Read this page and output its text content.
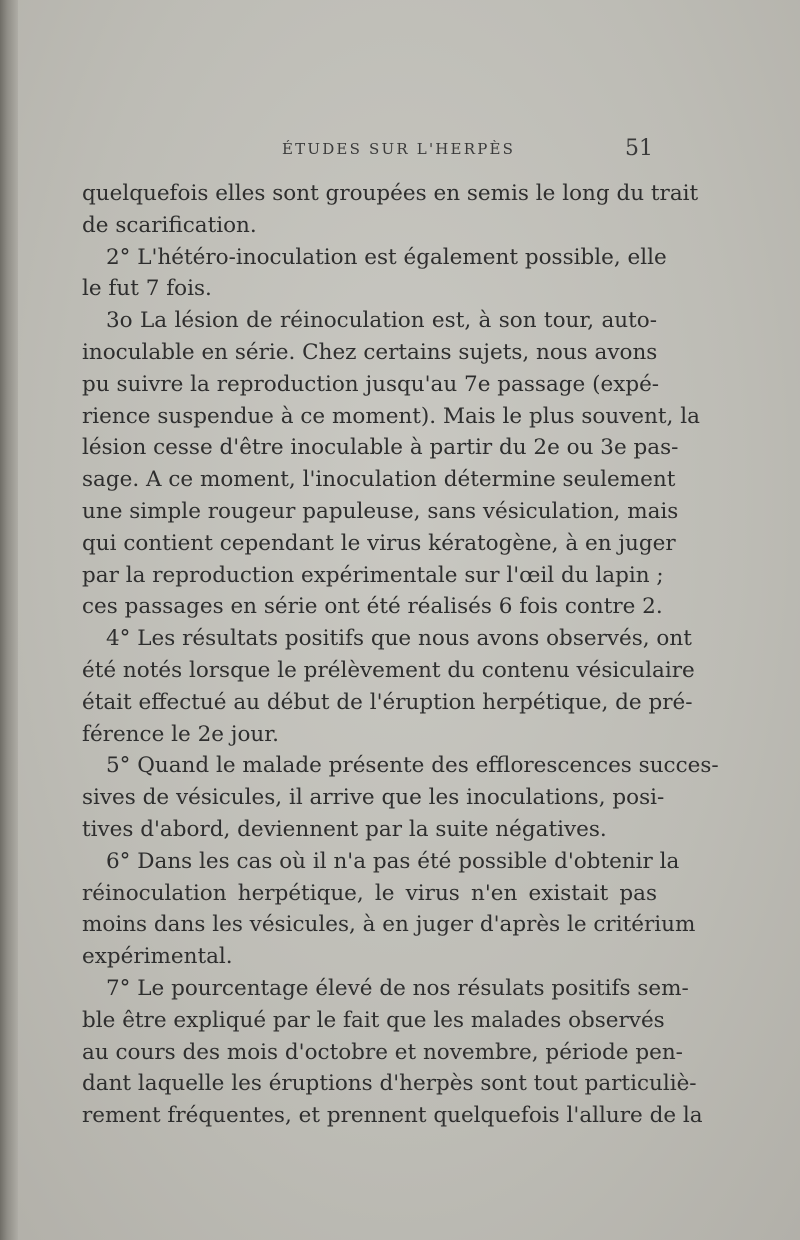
ÉTUDES SUR L'HERPÈS	51
quelquefois elles sont groupées en semis le long du trait
de scarification.
2° L'hétéro-inoculation est également possible, elle
le fut 7 fois.
3o La lésion de réinoculation est, à son tour, auto-
inoculable en série. Chez certains sujets, nous avons
pu suivre la reproduction jusqu'au 7e passage (expé-
rience suspendue à ce moment). Mais le plus souvent, la
lésion cesse d'être inoculable à partir du 2e ou 3e pas-
sage. A ce moment, l'inoculation détermine seulement
une simple rougeur papuleuse, sans vésiculation, mais
qui contient cependant le virus kératogène, à en juger
par la reproduction expérimentale sur l'œil du lapin ;
ces passages en série ont été réalisés 6 fois contre 2.
4° Les résultats positifs que nous avons observés, ont
été notés lorsque le prélèvement du contenu vésiculaire
était effectué au début de l'éruption herpétique, de pré-
férence le 2e jour.
5° Quand le malade présente des efflorescences succes-
sives de vésicules, il arrive que les inoculations, posi-
tives d'abord, deviennent par la suite négatives.
6° Dans les cas où il n'a pas été possible d'obtenir la
réinoculation herpétique, le virus n'en existait pas
moins dans les vésicules, à en juger d'après le critérium
expérimental.
7° Le pourcentage élevé de nos résulats positifs sem-
ble être expliqué par le fait que les malades observés
au cours des mois d'octobre et novembre, période pen-
dant laquelle les éruptions d'herpès sont tout particuliè-
rement fréquentes, et prennent quelquefois l'allure de la
